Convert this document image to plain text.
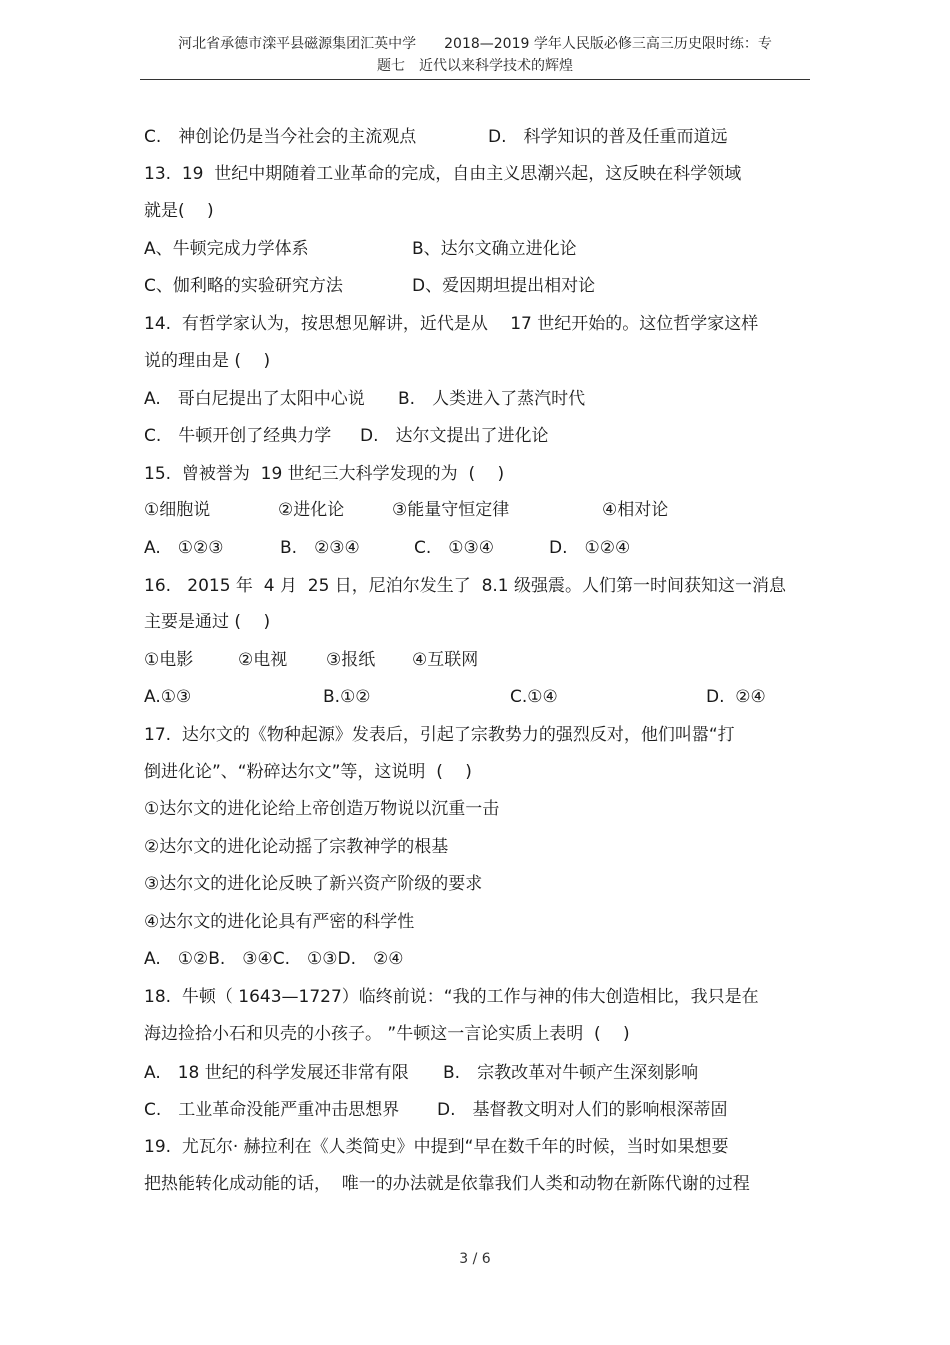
河北省承德市滦平县磁源集团汇英中学　　2018—2019 学年人民版必修三高三历史限时练：专
题七　近代以来科学技术的辉煌
C.　神创论仍是当今社会的主流观点	D.　科学知识的普及任重而道远
13.  19  世纪中期随着工业革命的完成，自由主义思潮兴起，这反映在科学领域
就是(　 )
A、牛顿完成力学体系	B、达尔文确立进化论
C、伽利略的实验研究方法	D、爱因期坦提出相对论
14.  有哲学家认为，按思想见解讲，近代是从　 17 世纪开始的。这位哲学家这样
说的理由是 (　 )
A.　哥白尼提出了太阳中心说 B.　人类进入了蒸汽时代
C.　牛顿开创了经典力学 D.　达尔文提出了进化论
15.  曾被誉为  19 世纪三大科学发现的为  (　 )
①细胞说	②进化论	③能量守恒定律	④相对论
A.　①②③	B.　②③④	C.　①③④	D.　①②④
16.   2015 年  4 月  25 日，尼泊尔发生了  8.1 级强震。人们第一时间获知这一消息
主要是通过 (　 )
①电影	②电视 ③报纸 ④互联网
A.①③	B.①②	C.①④	D.  ②④
17.  达尔文的《物种起源》发表后，引起了宗教势力的强烈反对，他们叫嚣“打
倒进化论”、“粉碎达尔文”等，这说明  (　 )
①达尔文的进化论给上帝创造万物说以沉重一击
②达尔文的进化论动摇了宗教神学的根基
③达尔文的进化论反映了新兴资产阶级的要求
④达尔文的进化论具有严密的科学性
A.　①②B.　③④C.　①③D.　②④
18.  牛顿（ 1643—1727）临终前说：“我的工作与神的伟大创造相比，我只是在
海边捡拾小石和贝壳的小孩子。 ”牛顿这一言论实质上表明  (　 )
A.　18 世纪的科学发展还非常有限 B.　宗教改革对牛顿产生深刻影响
C.　工业革命没能严重冲击思想界 D.　基督教文明对人们的影响根深蒂固
19.  尤瓦尔· 赫拉利在《人类简史》中提到“早在数千年的时候，当时如果想要
把热能转化成动能的话，  唯一的办法就是依靠我们人类和动物在新陈代谢的过程
3 / 6
